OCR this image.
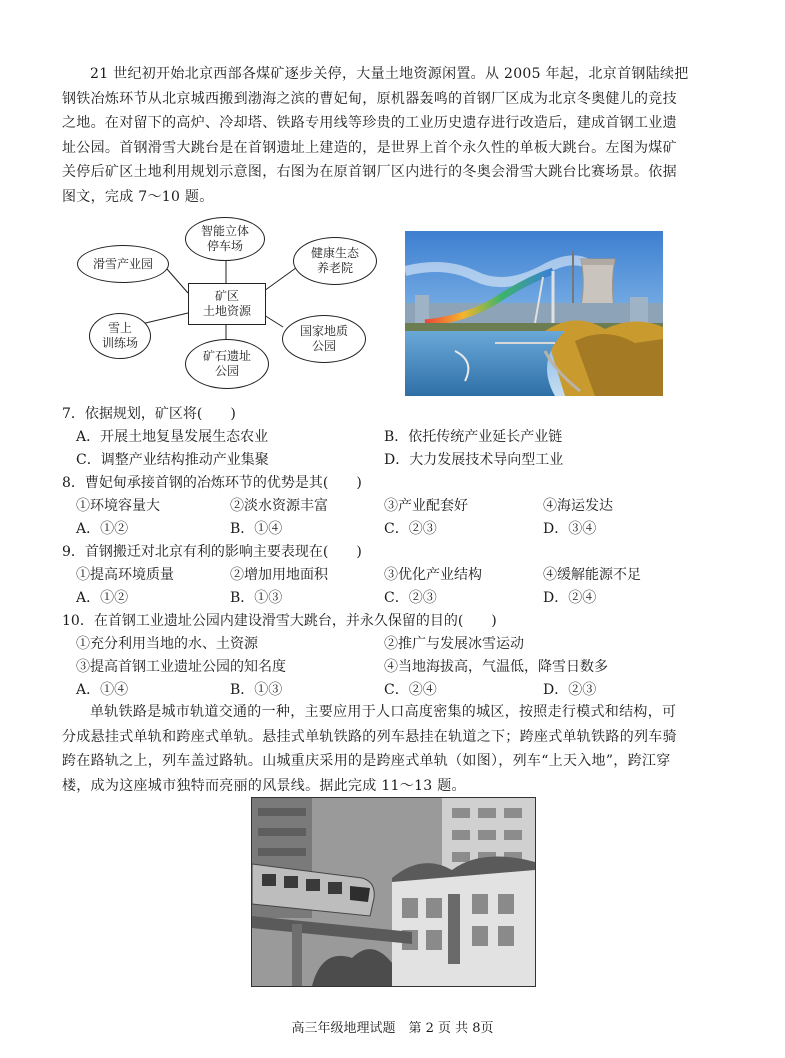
21 世纪初开始北京西部各煤矿逐步关停，大量土地资源闲置。从 2005 年起，北京首钢陆续把
钢铁冶炼环节从北京城西搬到渤海之滨的曹妃甸，原机器轰鸣的首钢厂区成为北京冬奥健儿的竞技
之地。在对留下的高炉、冷却塔、铁路专用线等珍贵的工业历史遗存进行改造后，建成首钢工业遗
址公园。首钢滑雪大跳台是在首钢遗址上建造的，是世界上首个永久性的单板大跳台。左图为煤矿
关停后矿区土地利用规划示意图，右图为在原首钢厂区内进行的冬奥会滑雪大跳台比赛场景。依据
图文，完成 7～10 题。
智能立体
停车场
滑雪产业园
健康生态
养老院
矿区
土地资源
雪上
训练场
矿石遗址
公园
国家地质
公园
7．依据规划，矿区将(　　)
A．开展土地复垦发展生态农业	B．依托传统产业延长产业链
C．调整产业结构推动产业集聚	D．大力发展技术导向型工业
8．曹妃甸承接首钢的冶炼环节的优势是其(　　)
①环境容量大	②淡水资源丰富	③产业配套好	④海运发达
A．①②	B．①④	C．②③	D．③④
9．首钢搬迁对北京有利的影响主要表现在(　　)
①提高环境质量	②增加用地面积	③优化产业结构	④缓解能源不足
A．①②	B．①③	C．②③	D．②④
10．在首钢工业遗址公园内建设滑雪大跳台，并永久保留的目的(　　)
①充分利用当地的水、土资源	②推广与发展冰雪运动
③提高首钢工业遗址公园的知名度	④当地海拔高，气温低，降雪日数多
A．①④	B．①③	C．②④	D．②③
单轨铁路是城市轨道交通的一种，主要应用于人口高度密集的城区，按照走行模式和结构，可
分成悬挂式单轨和跨座式单轨。悬挂式单轨铁路的列车悬挂在轨道之下；跨座式单轨铁路的列车骑
跨在路轨之上，列车盖过路轨。山城重庆采用的是跨座式单轨（如图），列车“上天入地”，跨江穿
楼，成为这座城市独特而亮丽的风景线。据此完成 11～13 题。
高三年级地理试题　第 2 页 共 8页
